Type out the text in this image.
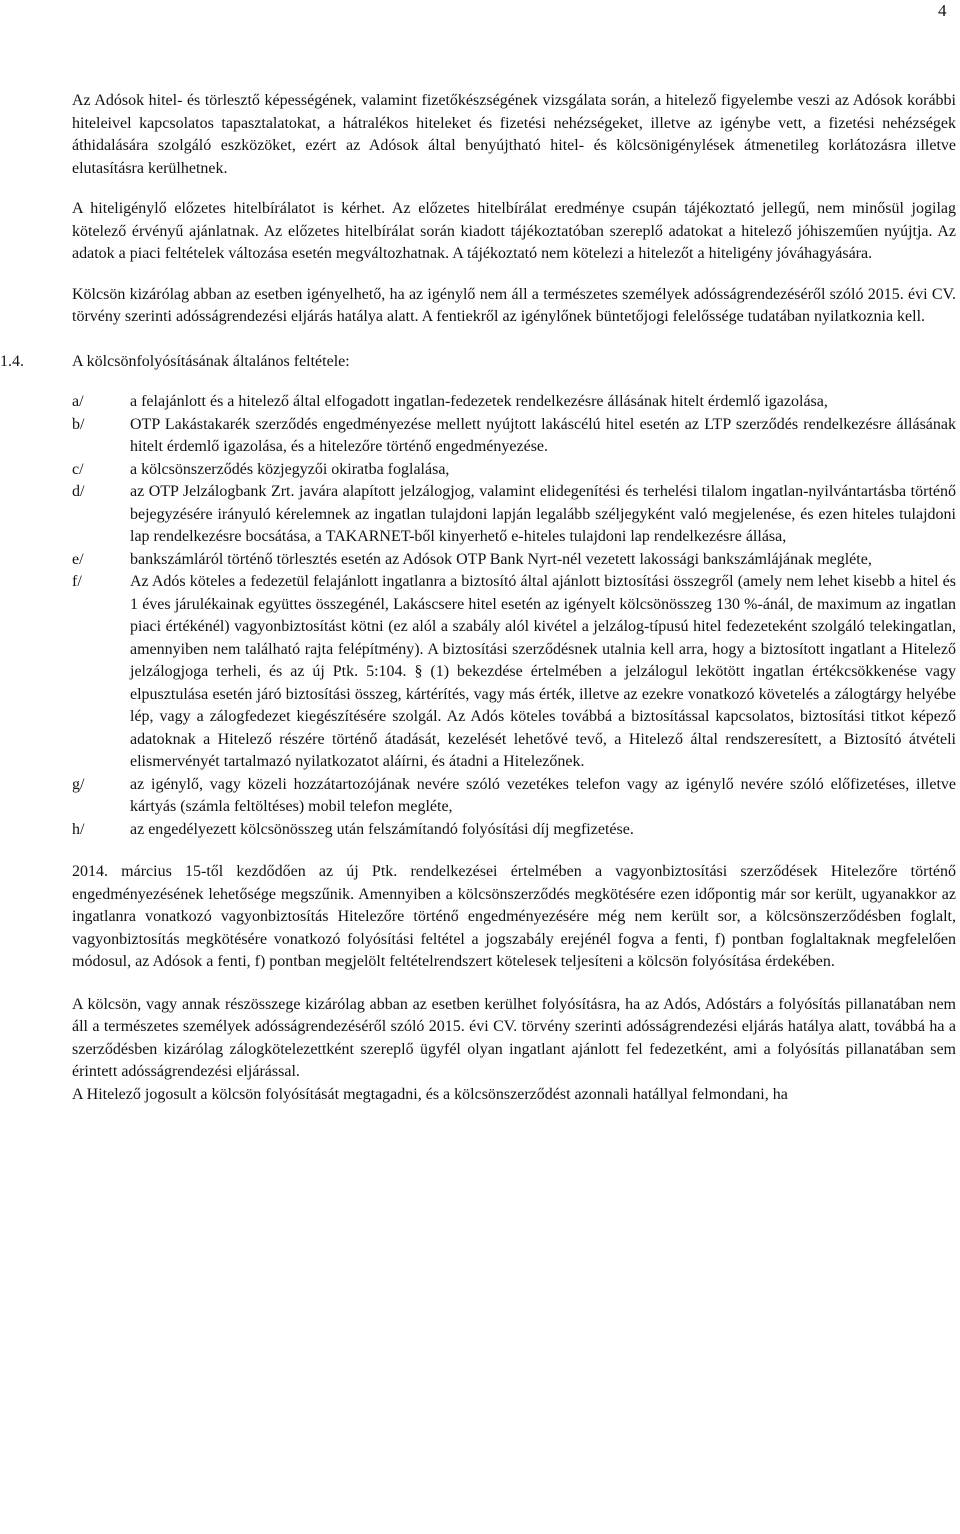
4

Az Adósok hitel- és törlesztő képességének, valamint fizetőkészségének vizsgálata során, a hitelező figyelembe veszi az Adósok korábbi hiteleivel kapcsolatos tapasztalatokat, a hátralékos hiteleket és fizetési nehézségeket, illetve az igénybe vett, a fizetési nehézségek áthidalására szolgáló eszközöket, ezért az Adósok által benyújtható hitel- és kölcsönigénylések átmenetileg korlátozásra illetve elutasításra kerülhetnek.

A hiteligénylő előzetes hitelbírálatot is kérhet. Az előzetes hitelbírálat eredménye csupán tájékoztató jellegű, nem minősül jogilag kötelező érvényű ajánlatnak. Az előzetes hitelbírálat során kiadott tájékoztatóban szereplő adatokat a hitelező jóhiszeműen nyújtja. Az adatok a piaci feltételek változása esetén megváltozhatnak. A tájékoztató nem kötelezi a hitelezőt a hiteligény jóváhagyására.

Kölcsön kizárólag abban az esetben igényelhető, ha az igénylő nem áll a természetes személyek adósságrendezéséről szóló 2015. évi CV. törvény szerinti adósságrendezési eljárás hatálya alatt. A fentiekről az igénylőnek büntetőjogi felelőssége tudatában nyilatkoznia kell.

1.4.	A kölcsönfolyósításának általános feltétele:
a/	a felajánlott és a hitelező által elfogadott ingatlan-fedezetek rendelkezésre állásának hitelt érdemlő igazolása,
b/	OTP Lakástakarék szerződés engedményezése mellett nyújtott lakáscélú hitel esetén az LTP szerződés rendelkezésre állásának hitelt érdemlő igazolása, és a hitelezőre történő engedményezése.
c/	a kölcsönszerződés közjegyzői okiratba foglalása,
d/	az OTP Jelzálogbank Zrt. javára alapított jelzálogjog, valamint elidegenítési és terhelési tilalom ingatlan-nyilvántartásba történő bejegyzésére irányuló kérelemnek az ingatlan tulajdoni lapján legalább széljegyként való megjelenése, és ezen hiteles tulajdoni lap rendelkezésre bocsátása, a TAKARNET-ből kinyerhető e-hiteles tulajdoni lap rendelkezésre állása,
e/	bankszámláról történő törlesztés esetén az Adósok OTP Bank Nyrt-nél vezetett lakossági bankszámlájának megléte,
f/	Az Adós köteles a fedezetül felajánlott ingatlanra a biztosító által ajánlott biztosítási összegről (amely nem lehet kisebb a hitel és 1 éves járulékainak együttes összegénél, Lakáscsere hitel esetén az igényelt kölcsönösszeg 130 %-ánál, de maximum az ingatlan piaci értékénél) vagyonbiztosítást kötni (ez alól a szabály alól kivétel a jelzálog-típusú hitel fedezeteként szolgáló telekingatlan, amennyiben nem található rajta felépítmény). A biztosítási szerződésnek utalnia kell arra, hogy a biztosított ingatlant a Hitelező jelzálogjoga terheli, és az új Ptk. 5:104. § (1) bekezdése értelmében a jelzálogul lekötött ingatlan értékcsökkenése vagy elpusztulása esetén járó biztosítási összeg, kártérítés, vagy más érték, illetve az ezekre vonatkozó követelés a zálogtárgy helyébe lép, vagy a zálogfedezet kiegészítésére szolgál. Az Adós köteles továbbá a biztosítással kapcsolatos, biztosítási titkot képező adatoknak a Hitelező részére történő átadását, kezelését lehetővé tevő, a Hitelező által rendszeresített, a Biztosító átvételi elismervényét tartalmazó nyilatkozatot aláírni, és átadni a Hitelezőnek.
g/	az igénylő, vagy közeli hozzátartozójának nevére szóló vezetékes telefon vagy az igénylő nevére szóló előfizetéses, illetve kártyás (számla feltöltéses) mobil telefon megléte,
h/	az engedélyezett kölcsönösszeg után felszámítandó folyósítási díj megfizetése.

2014. március 15-től kezdődően az új Ptk. rendelkezései értelmében a vagyonbiztosítási szerződések Hitelezőre történő engedményezésének lehetősége megszűnik. Amennyiben a kölcsönszerződés megkötésére ezen időpontig már sor került, ugyanakkor az ingatlanra vonatkozó vagyonbiztosítás Hitelezőre történő engedményezésére még nem került sor, a kölcsönszerződésben foglalt, vagyonbiztosítás megkötésére vonatkozó folyósítási feltétel a jogszabály erejénél fogva a fenti, f) pontban foglaltaknak megfelelően módosul, az Adósok a fenti, f) pontban megjelölt feltételrendszert kötelesek teljesíteni a kölcsön folyósítása érdekében.

A kölcsön, vagy annak részösszege kizárólag abban az esetben kerülhet folyósításra, ha az Adós, Adóstárs a folyósítás pillanatában nem áll a természetes személyek adósságrendezéséről szóló 2015. évi CV. törvény szerinti adósságrendezési eljárás hatálya alatt, továbbá ha a szerződésben kizárólag zálogkötelezettként szereplő ügyfél olyan ingatlant ajánlott fel fedezetként, ami a folyósítás pillanatában sem érintett adósságrendezési eljárással.

A Hitelező jogosult a kölcsön folyósítását megtagadni, és a kölcsönszerződést azonnali hatállyal felmondani, ha
